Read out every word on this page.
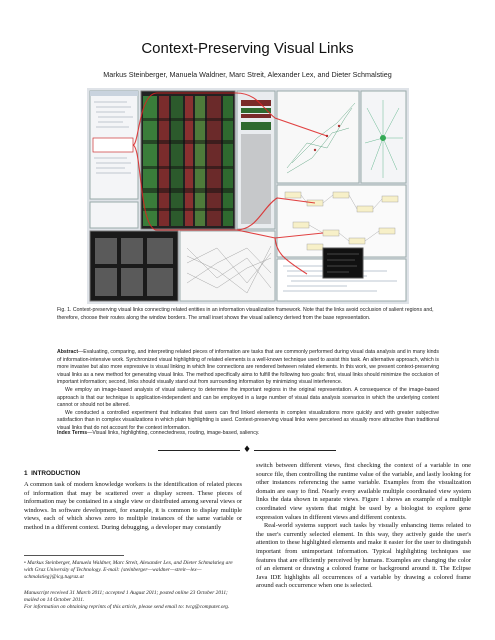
Context-Preserving Visual Links
Markus Steinberger, Manuela Waldner, Marc Streit, Alexander Lex, and Dieter Schmalstieg
Fig. 1. Context-preserving visual links connecting related entities in an information visualization framework. Note that the links avoid occlusion of salient regions and, therefore, choose their routes along the window borders. The small inset shows the visual saliency derived from the base representation.

Abstract—Evaluating, comparing, and interpreting related pieces of information are tasks that are commonly performed during visual data analysis and in many kinds of information-intensive work. Synchronized visual highlighting of related elements is a well-known technique used to assist this task. An alternative approach, which is more invasive but also more expressive is visual linking in which line connections are rendered between related elements. In this work, we present context-preserving visual links as a new method for generating visual links. The method specifically aims to fulfill the following two goals: first, visual links should minimize the occlusion of important information; second, links should visually stand out from surrounding information by minimizing visual interference.

We employ an image-based analysis of visual saliency to determine the important regions in the original representation. A consequence of the image-based approach is that our technique is application-independent and can be employed in a large number of visual data analysis scenarios in which the underlying content cannot or should not be altered.

We conducted a controlled experiment that indicates that users can find linked elements in complex visualizations more quickly and with greater subjective satisfaction than in complex visualizations in which plain highlighting is used. Context-preserving visual links were perceived as visually more attractive than traditional visual links that do not account for the context information.

Index Terms—Visual links, highlighting, connectedness, routing, image-based, saliency.
♦
1 INTRODUCTION
A common task of modern knowledge workers is the identification of related pieces of information that may be scattered over a display screen. These pieces of information may be contained in a single view or distributed among several views or windows. In software development, for example, it is common to display multiple views, each of which shows zero to multiple instances of the same variable or method in a different context. During debugging, a developer may constantly

switch between different views, first checking the context of a variable in one source file, then controlling the runtime value of the variable, and lastly looking for other instances referencing the same variable. Examples from the visualization domain are easy to find. Nearly every available multiple coordinated view system links the data shown in separate views. Figure 1 shows an example of a multiple coordinated view system that might be used by a biologist to explore gene expression values in different views and different contexts.

Real-world systems support such tasks by visually enhancing items related to the user's currently selected element. In this way, they actively guide the user's attention to these highlighted elements and make it easier for the user to distinguish important from unimportant information. Typical highlighting techniques use features that are efficiently perceived by humans. Examples are changing the color of an element or drawing a colored frame or background around it. The Eclipse Java IDE highlights all occurrences of a variable by drawing a colored frame around each occurrence when one is selected.

• Markus Steinberger, Manuela Waldner, Marc Streit, Alexander Lex, and Dieter Schmalstieg are with Graz University of Technology. E-mail: {steinberger—waldner—streit—lex—schmalstieg}@icg.tugraz.at

Manuscript received 31 March 2011; accepted 1 August 2011; posted online 23 October 2011; mailed on 14 October 2011.

For information on obtaining reprints of this article, please send email to: tvcg@computer.org.
